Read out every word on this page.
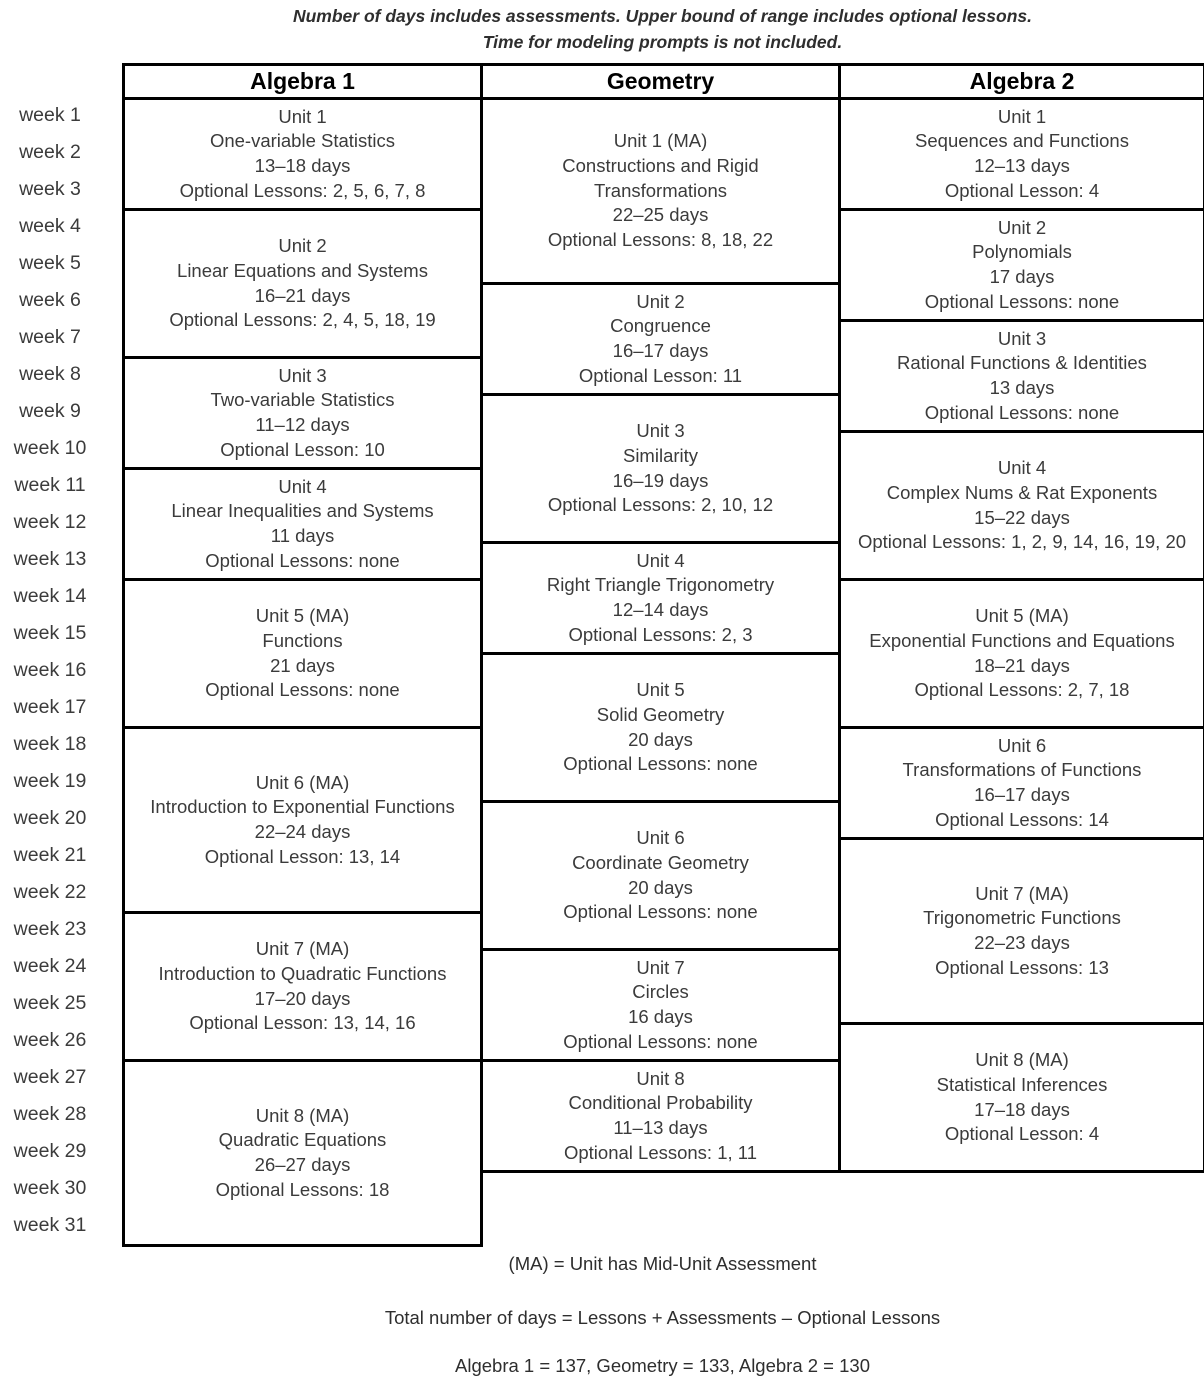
Number of days includes assessments. Upper bound of range includes optional lessons.
Time for modeling prompts is not included.
week 1
week 2
week 3
week 4
week 5
week 6
week 7
week 8
week 9
week 10
week 11
week 12
week 13
week 14
week 15
week 16
week 17
week 18
week 19
week 20
week 21
week 22
week 23
week 24
week 25
week 26
week 27
week 28
week 29
week 30
week 31
Algebra 1
Unit 1
One-variable Statistics
13–18 days
Optional Lessons: 2, 5, 6, 7, 8
Unit 2
Linear Equations and Systems
16–21 days
Optional Lessons: 2, 4, 5, 18, 19
Unit 3
Two-variable Statistics
11–12 days
Optional Lesson: 10
Unit 4
Linear Inequalities and Systems
11 days
Optional Lessons: none
Unit 5 (MA)
Functions
21 days
Optional Lessons: none
Unit 6 (MA)
Introduction to Exponential Functions
22–24 days
Optional Lesson: 13, 14
Unit 7 (MA)
Introduction to Quadratic Functions
17–20 days
Optional Lesson: 13, 14, 16
Unit 8 (MA)
Quadratic Equations
26–27 days
Optional Lessons: 18
Geometry
Unit 1 (MA)
Constructions and Rigid Transformations
22–25 days
Optional Lessons: 8, 18, 22
Unit 2
Congruence
16–17 days
Optional Lesson: 11
Unit 3
Similarity
16–19 days
Optional Lessons: 2, 10, 12
Unit 4
Right Triangle Trigonometry
12–14 days
Optional Lessons: 2, 3
Unit 5
Solid Geometry
20 days
Optional Lessons: none
Unit 6
Coordinate Geometry
20 days
Optional Lessons: none
Unit 7
Circles
16 days
Optional Lessons: none
Unit 8
Conditional Probability
11–13 days
Optional Lessons: 1, 11
Algebra 2
Unit 1
Sequences and Functions
12–13 days
Optional Lesson: 4
Unit 2
Polynomials
17 days
Optional Lessons: none
Unit 3
Rational Functions & Identities
13 days
Optional Lessons: none
Unit 4
Complex Nums & Rat Exponents
15–22 days
Optional Lessons: 1, 2, 9, 14, 16, 19, 20
Unit 5 (MA)
Exponential Functions and Equations
18–21 days
Optional Lessons: 2, 7, 18
Unit 6
Transformations of Functions
16–17 days
Optional Lessons: 14
Unit 7 (MA)
Trigonometric Functions
22–23 days
Optional Lessons: 13
Unit 8 (MA)
Statistical Inferences
17–18 days
Optional Lesson: 4
(MA) = Unit has Mid-Unit Assessment
Total number of days = Lessons + Assessments – Optional Lessons
Algebra 1 = 137, Geometry = 133, Algebra 2 = 130
